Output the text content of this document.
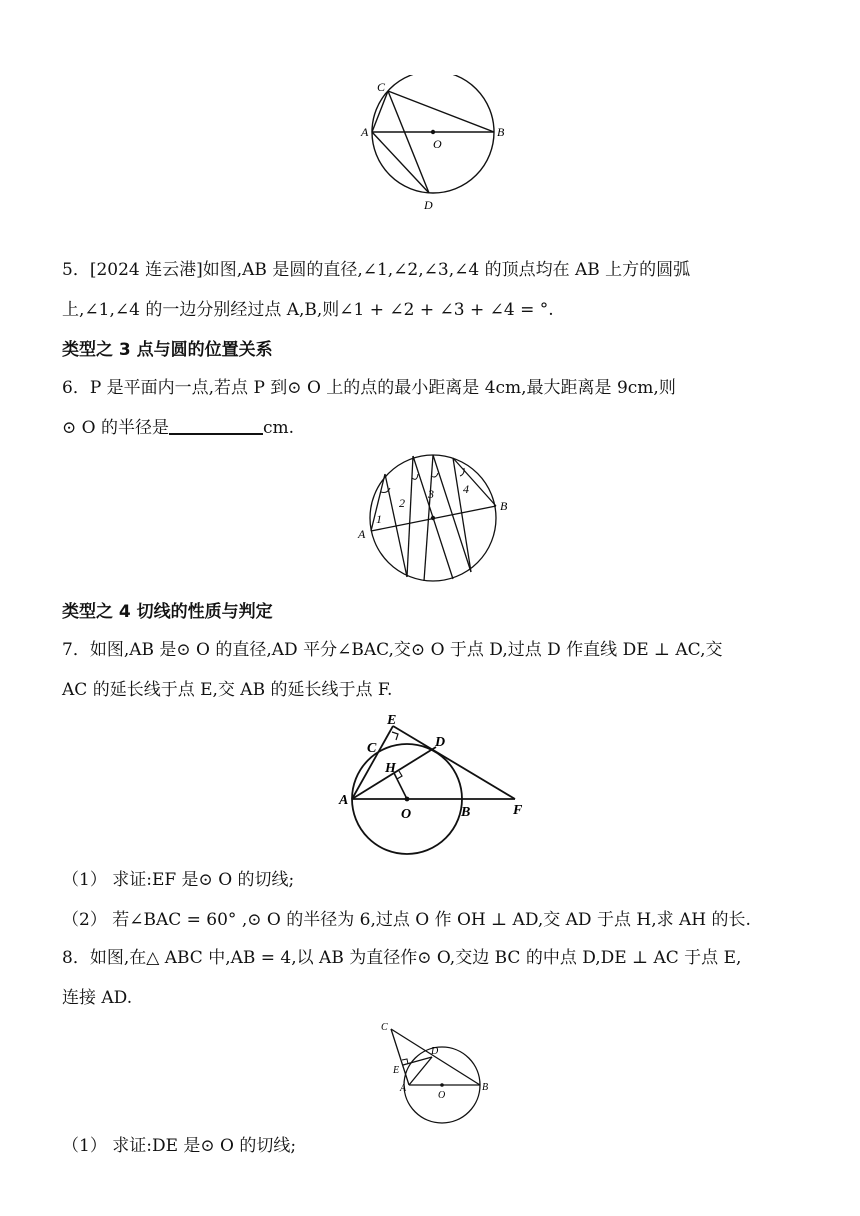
C
A
O
B
D
5．[2024 连云港]如图,AB 是圆的直径,∠1,∠2,∠3,∠4 的顶点均在 AB 上方的圆弧
上,∠1,∠4 的一边分别经过点 A,B,则∠1 + ∠2 + ∠3 + ∠4 = °.
类型之 3 点与圆的位置关系
6．P 是平面内一点,若点 P 到⊙ O 上的点的最小距离是 4cm,最大距离是 9cm,则
⊙ O 的半径是	cm.
A
B
1
2
3 4
类型之 4 切线的性质与判定
7．如图,AB 是⊙ O 的直径,AD 平分∠BAC,交⊙ O 于点 D,过点 D 作直线 DE ⊥ AC,交
AC 的延长线于点 E,交 AB 的延长线于点 F.
E
C	D
H
A
O	B	F
（1） 求证:EF 是⊙ O 的切线;
（2） 若∠BAC = 60° ,⊙ O 的半径为 6,过点 O 作 OH ⊥ AD,交 AD 于点 H,求 AH 的长.
8．如图,在△ ABC 中,AB = 4,以 AB 为直径作⊙ O,交边 BC 的中点 D,DE ⊥ AC 于点 E,
连接 AD.
C
D
E
A
O
B
（1） 求证:DE 是⊙ O 的切线;
